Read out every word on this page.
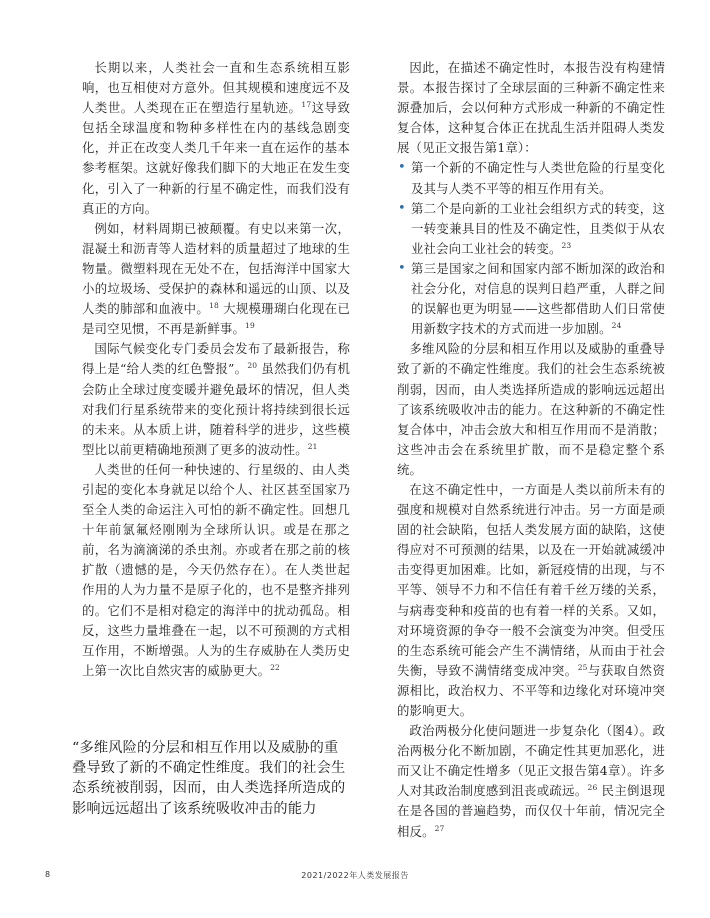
长期以来，人类社会一直和生态系统相互影响，也互相使对方意外。但其规模和速度远不及人类世。人类现在正在塑造行星轨迹。$^{17}$这导致包括全球温度和物种多样性在内的基线急剧变化，并正在改变人类几千年来一直在运作的基本参考框架。这就好像我们脚下的大地正在发生变化，引入了一种新的行星不确定性，而我们没有真正的方向。

例如，材料周期已被颠覆。有史以来第一次，混凝土和沥青等人造材料的质量超过了地球的生物量。微塑料现在无处不在，包括海洋中国家大小的垃圾场、受保护的森林和遥远的山顶、以及人类的肺部和血液中。$^{18}$ 大规模珊瑚白化现在已是司空见惯，不再是新鲜事。$^{19}$

国际气候变化专门委员会发布了最新报告，称得上是“给人类的红色警报”。$^{20}$ 虽然我们仍有机会防止全球过度变暖并避免最坏的情况，但人类对我们行星系统带来的变化预计将持续到很长远的未来。从本质上讲，随着科学的进步，这些模型比以前更精确地预测了更多的波动性。$^{21}$

人类世的任何一种快速的、行星级的、由人类引起的变化本身就足以给个人、社区甚至国家乃至全人类的命运注入可怕的新不确定性。回想几十年前氯氟烃刚刚为全球所认识。或是在那之前，名为滴滴涕的杀虫剂。亦或者在那之前的核扩散（遗憾的是，今天仍然存在）。在人类世起作用的人为力量不是原子化的，也不是整齐排列的。它们不是相对稳定的海洋中的扰动孤岛。相反，这些力量堆叠在一起，以不可预测的方式相互作用，不断增强。人为的生存威胁在人类历史上第一次比自然灾害的威胁更大。$^{22}$

“多维风险的分层和相互作用以及威胁的重叠导致了新的不确定性维度。我们的社会生态系统被削弱，因而，由人类选择所造成的影响远远超出了该系统吸收冲击的能力

因此，在描述不确定性时，本报告没有构建情景。本报告探讨了全球层面的三种新不确定性来源叠加后，会以何种方式形成一种新的不确定性复合体，这种复合体正在扰乱生活并阻碍人类发展（见正文报告第1章）：

• 第一个新的不确定性与人类世危险的行星变化及其与人类不平等的相互作用有关。
• 第二个是向新的工业社会组织方式的转变，这一转变兼具目的性及不确定性，且类似于从农业社会向工业社会的转变。$^{23}$
• 第三是国家之间和国家内部不断加深的政治和社会分化，对信息的误判日趋严重，人群之间的误解也更为明显——这些都借助人们日常使用新数字技术的方式而进一步加剧。$^{24}$

多维风险的分层和相互作用以及威胁的重叠导致了新的不确定性维度。我们的社会生态系统被削弱，因而，由人类选择所造成的影响远远超出了该系统吸收冲击的能力。在这种新的不确定性复合体中，冲击会放大和相互作用而不是消散；这些冲击会在系统里扩散，而不是稳定整个系统。

在这不确定性中，一方面是人类以前所未有的强度和规模对自然系统进行冲击。另一方面是顽固的社会缺陷，包括人类发展方面的缺陷，这使得应对不可预测的结果，以及在一开始就减缓冲击变得更加困难。比如，新冠疫情的出现，与不平等、领导不力和不信任有着千丝万缕的关系，与病毒变种和疫苗的也有着一样的关系。又如，对环境资源的争夺一般不会演变为冲突。但受压的生态系统可能会产生不满情绪，从而由于社会失衡，导致不满情绪变成冲突。$^{25}$与获取自然资源相比，政治权力、不平等和边缘化对环境冲突的影响更大。

政治两极分化使问题进一步复杂化（图4）。政治两极分化不断加剧，不确定性其更加恶化，进而又让不确定性增多（见正文报告第4章）。许多人对其政治制度感到沮丧或疏远。$^{26}$ 民主倒退现在是各国的普遍趋势，而仅仅十年前，情况完全相反。$^{27}$

8	2021/2022年人类发展报告
